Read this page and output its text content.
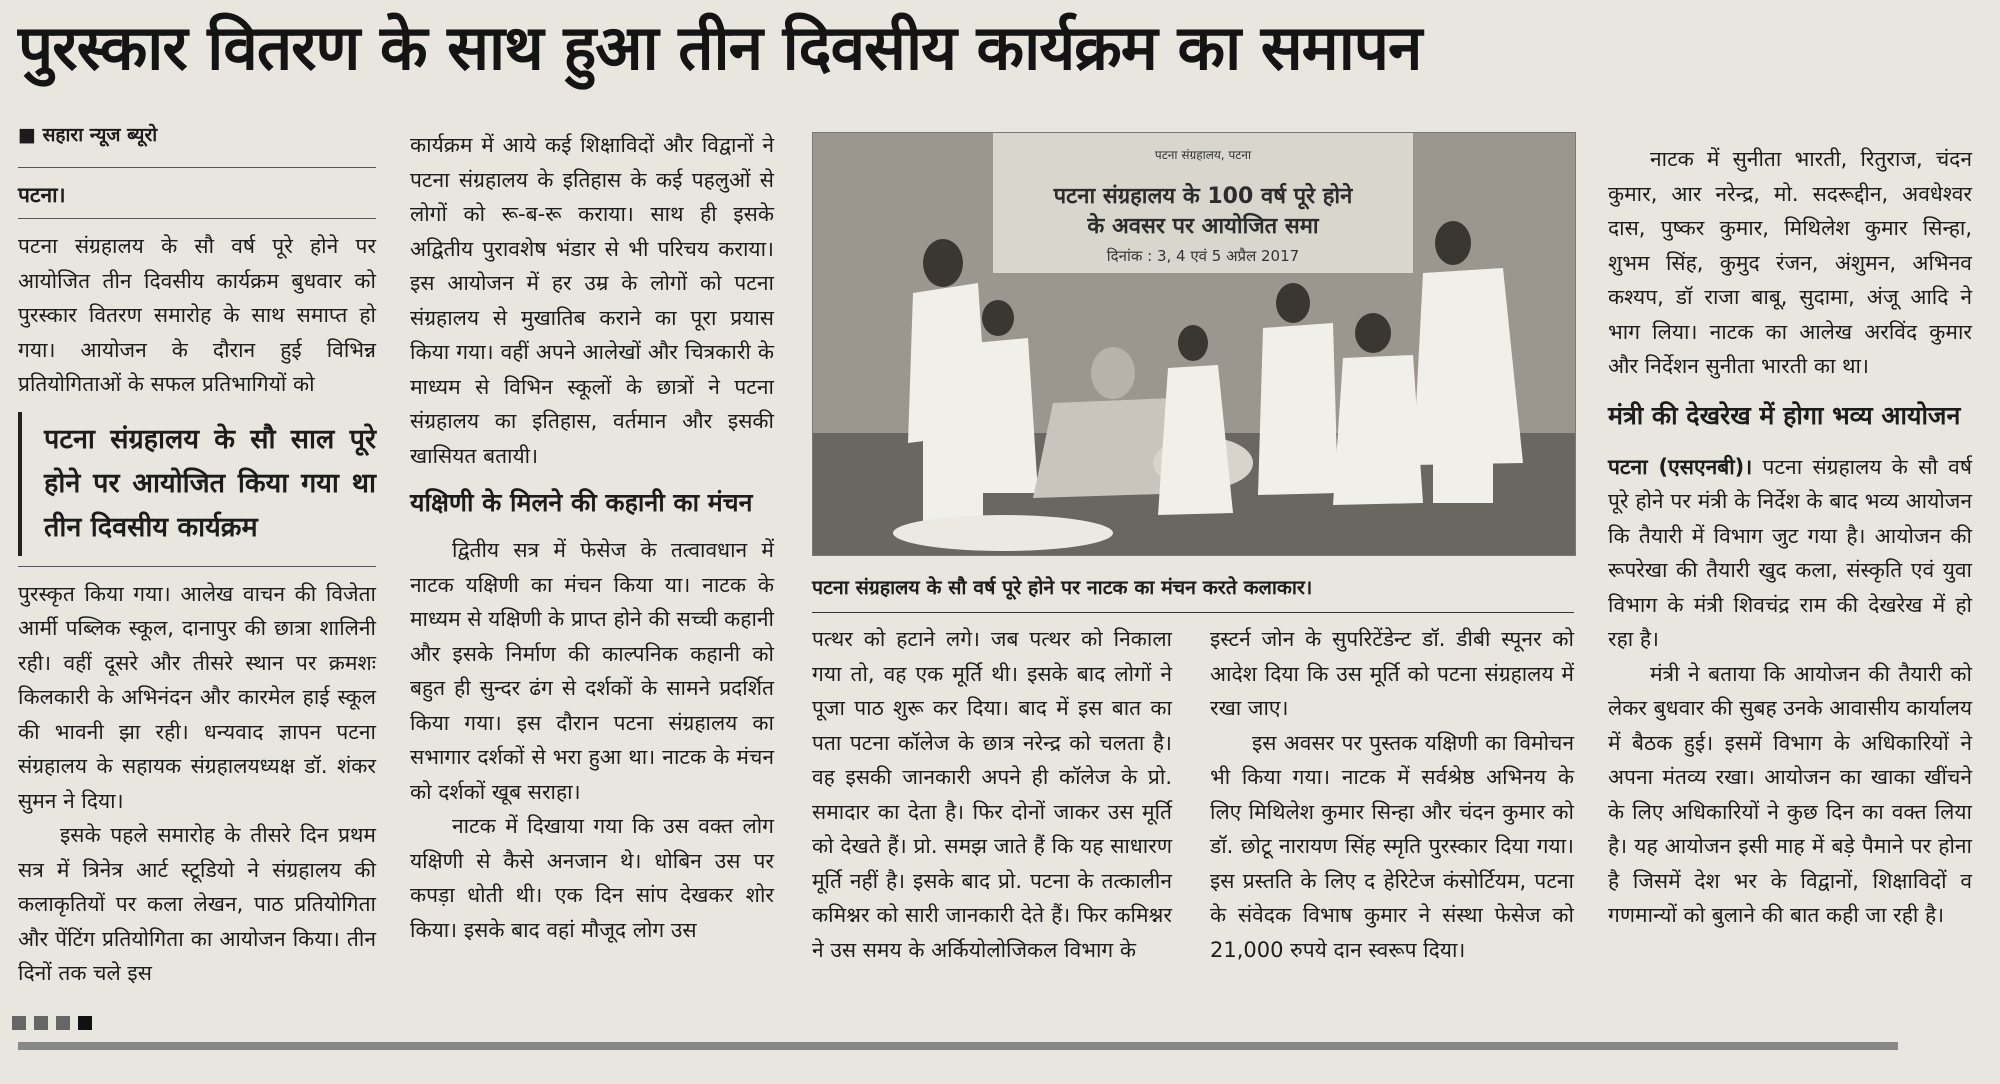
पुरस्कार वितरण के साथ हुआ तीन दिवसीय कार्यक्रम का समापन

■ सहारा न्यूज ब्यूरो

पटना।

पटना संग्रहालय के सौ वर्ष पूरे होने पर आयोजित तीन दिवसीय कार्यक्रम बुधवार को पुरस्कार वितरण समारोह के साथ समाप्त हो गया। आयोजन के दौरान हुई विभिन्न प्रतियोगिताओं के सफल प्रतिभागियों को

पटना संग्रहालय के सौ साल पूरे होने पर आयोजित किया गया था तीन दिवसीय कार्यक्रम

पुरस्कृत किया गया। आलेख वाचन की विजेता आर्मी पब्लिक स्कूल, दानापुर की छात्रा शालिनी रही। वहीं दूसरे और तीसरे स्थान पर क्रमशः किलकारी के अभिनंदन और कारमेल हाई स्कूल की भावनी झा रही। धन्यवाद ज्ञापन पटना संग्रहालय के सहायक संग्रहालयध्यक्ष डॉ. शंकर सुमन ने दिया।

इसके पहले समारोह के तीसरे दिन प्रथम सत्र में त्रिनेत्र आर्ट स्टूडियो ने संग्रहालय की कलाकृतियों पर कला लेखन, पाठ प्रतियोगिता और पेंटिंग प्रतियोगिता का आयोजन किया। तीन दिनों तक चले इस

कार्यक्रम में आये कई शिक्षाविदों और विद्वानों ने पटना संग्रहालय के इतिहास के कई पहलुओं से लोगों को रू-ब-रू कराया। साथ ही इसके अद्वितीय पुरावशेष भंडार से भी परिचय कराया। इस आयोजन में हर उम्र के लोगों को पटना संग्रहालय से मुखातिब कराने का पूरा प्रयास किया गया। वहीं अपने आलेखों और चित्रकारी के माध्यम से विभिन स्कूलों के छात्रों ने पटना संग्रहालय का इतिहास, वर्तमान और इसकी खासियत बतायी।

यक्षिणी के मिलने की कहानी का मंचन

द्वितीय सत्र में फेसेज के तत्वावधान में नाटक यक्षिणी का मंचन किया या। नाटक के माध्यम से यक्षिणी के प्राप्त होने की सच्ची कहानी और इसके निर्माण की काल्पनिक कहानी को बहुत ही सुन्दर ढंग से दर्शकों के सामने प्रदर्शित किया गया। इस दौरान पटना संग्रहालय का सभागार दर्शकों से भरा हुआ था। नाटक के मंचन को दर्शकों खूब सराहा।

नाटक में दिखाया गया कि उस वक्त लोग यक्षिणी से कैसे अनजान थे। धोबिन उस पर कपड़ा धोती थी। एक दिन सांप देखकर शोर किया। इसके बाद वहां मौजूद लोग उस

पटना संग्रहालय, पटना
पटना संग्रहालय के 100 वर्ष पूरे होने
के अवसर पर आयोजित समा
दिनांक : 3, 4 एवं 5 अप्रैल 2017
पटना संग्रहालय के सौ वर्ष पूरे होने पर नाटक का मंचन करते कलाकार।

पत्थर को हटाने लगे। जब पत्थर को निकाला गया तो, वह एक मूर्ति थी। इसके बाद लोगों ने पूजा पाठ शुरू कर दिया। बाद में इस बात का पता पटना कॉलेज के छात्र नरेन्द्र को चलता है। वह इसकी जानकारी अपने ही कॉलेज के प्रो. समादार का देता है। फिर दोनों जाकर उस मूर्ति को देखते हैं। प्रो. समझ जाते हैं कि यह साधारण मूर्ति नहीं है। इसके बाद प्रो. पटना के तत्कालीन कमिश्नर को सारी जानकारी देते हैं। फिर कमिश्नर ने उस समय के अर्कियोलोजिकल विभाग के

इस्टर्न जोन के सुपरिटेंडेन्ट डॉ. डीबी स्पूनर को आदेश दिया कि उस मूर्ति को पटना संग्रहालय में रखा जाए।

इस अवसर पर पुस्तक यक्षिणी का विमोचन भी किया गया। नाटक में सर्वश्रेष्ठ अभिनय के लिए मिथिलेश कुमार सिन्हा और चंदन कुमार को डॉ. छोटू नारायण सिंह स्मृति पुरस्कार दिया गया। इस प्रस्तति के लिए द हेरिटेज कंसोर्टियम, पटना के संवेदक विभाष कुमार ने संस्था फेसेज को 21,000 रुपये दान स्वरूप दिया।

नाटक में सुनीता भारती, रितुराज, चंदन कुमार, आर नरेन्द्र, मो. सदरूद्दीन, अवधेश्वर दास, पुष्कर कुमार, मिथिलेश कुमार सिन्हा, शुभम सिंह, कुमुद रंजन, अंशुमन, अभिनव कश्यप, डॉ राजा बाबू, सुदामा, अंजू आदि ने भाग लिया। नाटक का आलेख अरविंद कुमार और निर्देशन सुनीता भारती का था।

मंत्री की देखरेख में होगा भव्य आयोजन

पटना (एसएनबी)। पटना संग्रहालय के सौ वर्ष पूरे होने पर मंत्री के निर्देश के बाद भव्य आयोजन कि तैयारी में विभाग जुट गया है। आयोजन की रूपरेखा की तैयारी खुद कला, संस्कृति एवं युवा विभाग के मंत्री शिवचंद्र राम की देखरेख में हो रहा है।

मंत्री ने बताया कि आयोजन की तैयारी को लेकर बुधवार की सुबह उनके आवासीय कार्यालय में बैठक हुई। इसमें विभाग के अधिकारियों ने अपना मंतव्य रखा। आयोजन का खाका खींचने के लिए अधिकारियों ने कुछ दिन का वक्त लिया है। यह आयोजन इसी माह में बड़े पैमाने पर होना है जिसमें देश भर के विद्वानों, शिक्षाविदों व गणमान्यों को बुलाने की बात कही जा रही है।
